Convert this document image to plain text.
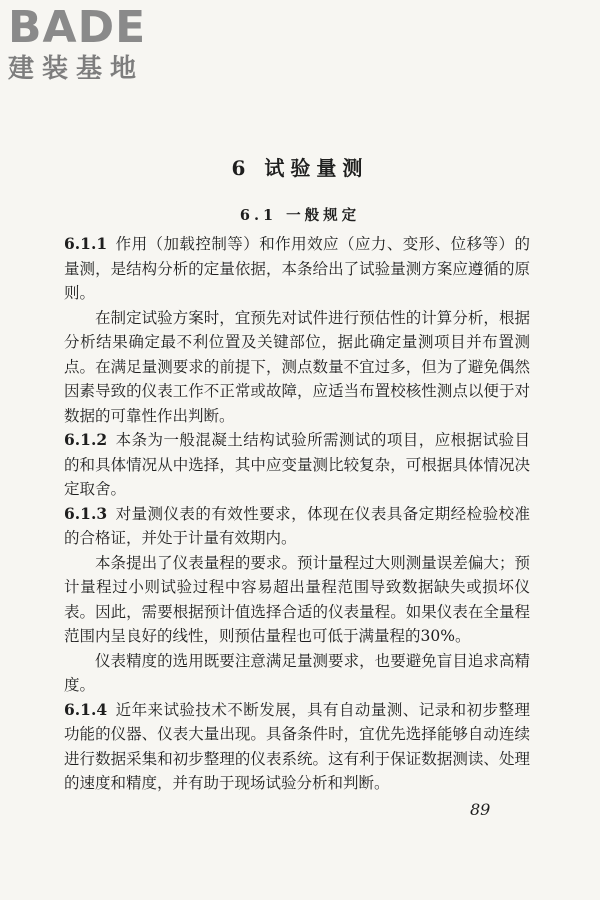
BADE
建装基地
6 试验量测
6.1 一般规定

6.1.1 作用（加载控制等）和作用效应（应力、变形、位移等）的量测，是结构分析的定量依据，本条给出了试验量测方案应遵循的原则。

在制定试验方案时，宜预先对试件进行预估性的计算分析，根据分析结果确定最不利位置及关键部位，据此确定量测项目并布置测点。在满足量测要求的前提下，测点数量不宜过多，但为了避免偶然因素导致的仪表工作不正常或故障，应适当布置校核性测点以便于对数据的可靠性作出判断。

6.1.2 本条为一般混凝土结构试验所需测试的项目，应根据试验目的和具体情况从中选择，其中应变量测比较复杂，可根据具体情况决定取舍。

6.1.3 对量测仪表的有效性要求，体现在仪表具备定期经检验校准的合格证，并处于计量有效期内。

本条提出了仪表量程的要求。预计量程过大则测量误差偏大；预计量程过小则试验过程中容易超出量程范围导致数据缺失或损坏仪表。因此，需要根据预计值选择合适的仪表量程。如果仪表在全量程范围内呈良好的线性，则预估量程也可低于满量程的30%。

仪表精度的选用既要注意满足量测要求，也要避免盲目追求高精度。

6.1.4 近年来试验技术不断发展，具有自动量测、记录和初步整理功能的仪器、仪表大量出现。具备条件时，宜优先选择能够自动连续进行数据采集和初步整理的仪表系统。这有利于保证数据测读、处理的速度和精度，并有助于现场试验分析和判断。

89
